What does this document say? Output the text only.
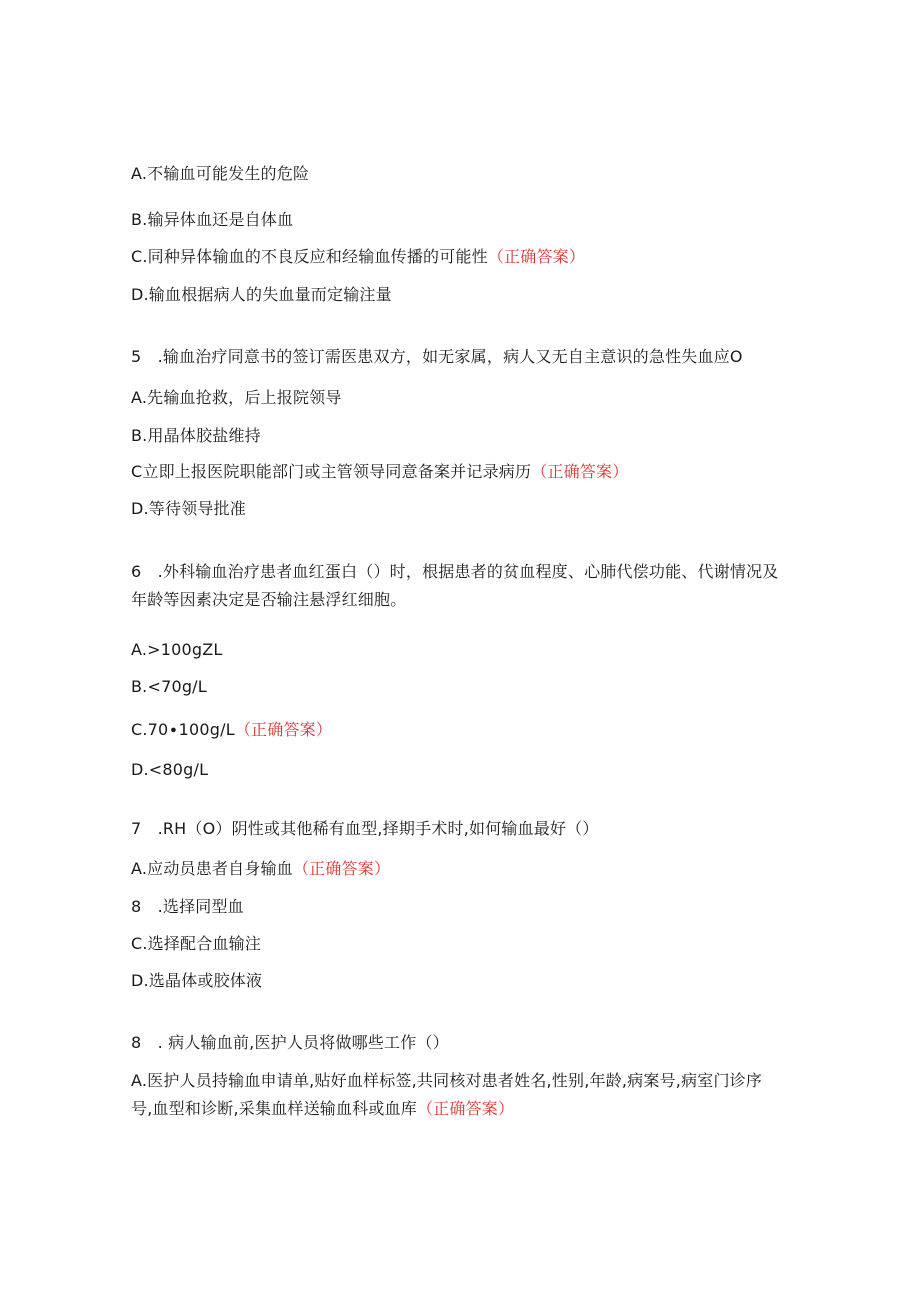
A.不输血可能发生的危险
B.输异体血还是自体血
C.同种异体输血的不良反应和经输血传播的可能性（正确答案）
D.输血根据病人的失血量而定输注量
5　.输血治疗同意书的签订需医患双方，如无家属，病人又无自主意识的急性失血应O
A.先输血抢救，后上报院领导
B.用晶体胶盐维持
C立即上报医院职能部门或主管领导同意备案并记录病历（正确答案）
D.等待领导批准
6　.外科输血治疗患者血红蛋白（）时，根据患者的贫血程度、心肺代偿功能、代谢情况及年龄等因素决定是否输注悬浮红细胞。
A.>100gZL
B.<70g∕L
C.70∙100g∕L（正确答案）
D.<80g∕L
7　.RH（O）阴性或其他稀有血型,择期手术时,如何输血最好（）
A.应动员患者自身输血（正确答案）
8　.选择同型血
C.选择配合血输注
D.选晶体或胶体液
8　. 病人输血前,医护人员将做哪些工作（）
A.医护人员持输血申请单,贴好血样标签,共同核对患者姓名,性别,年龄,病案号,病室门诊序号,血型和诊断,采集血样送输血科或血库（正确答案）
